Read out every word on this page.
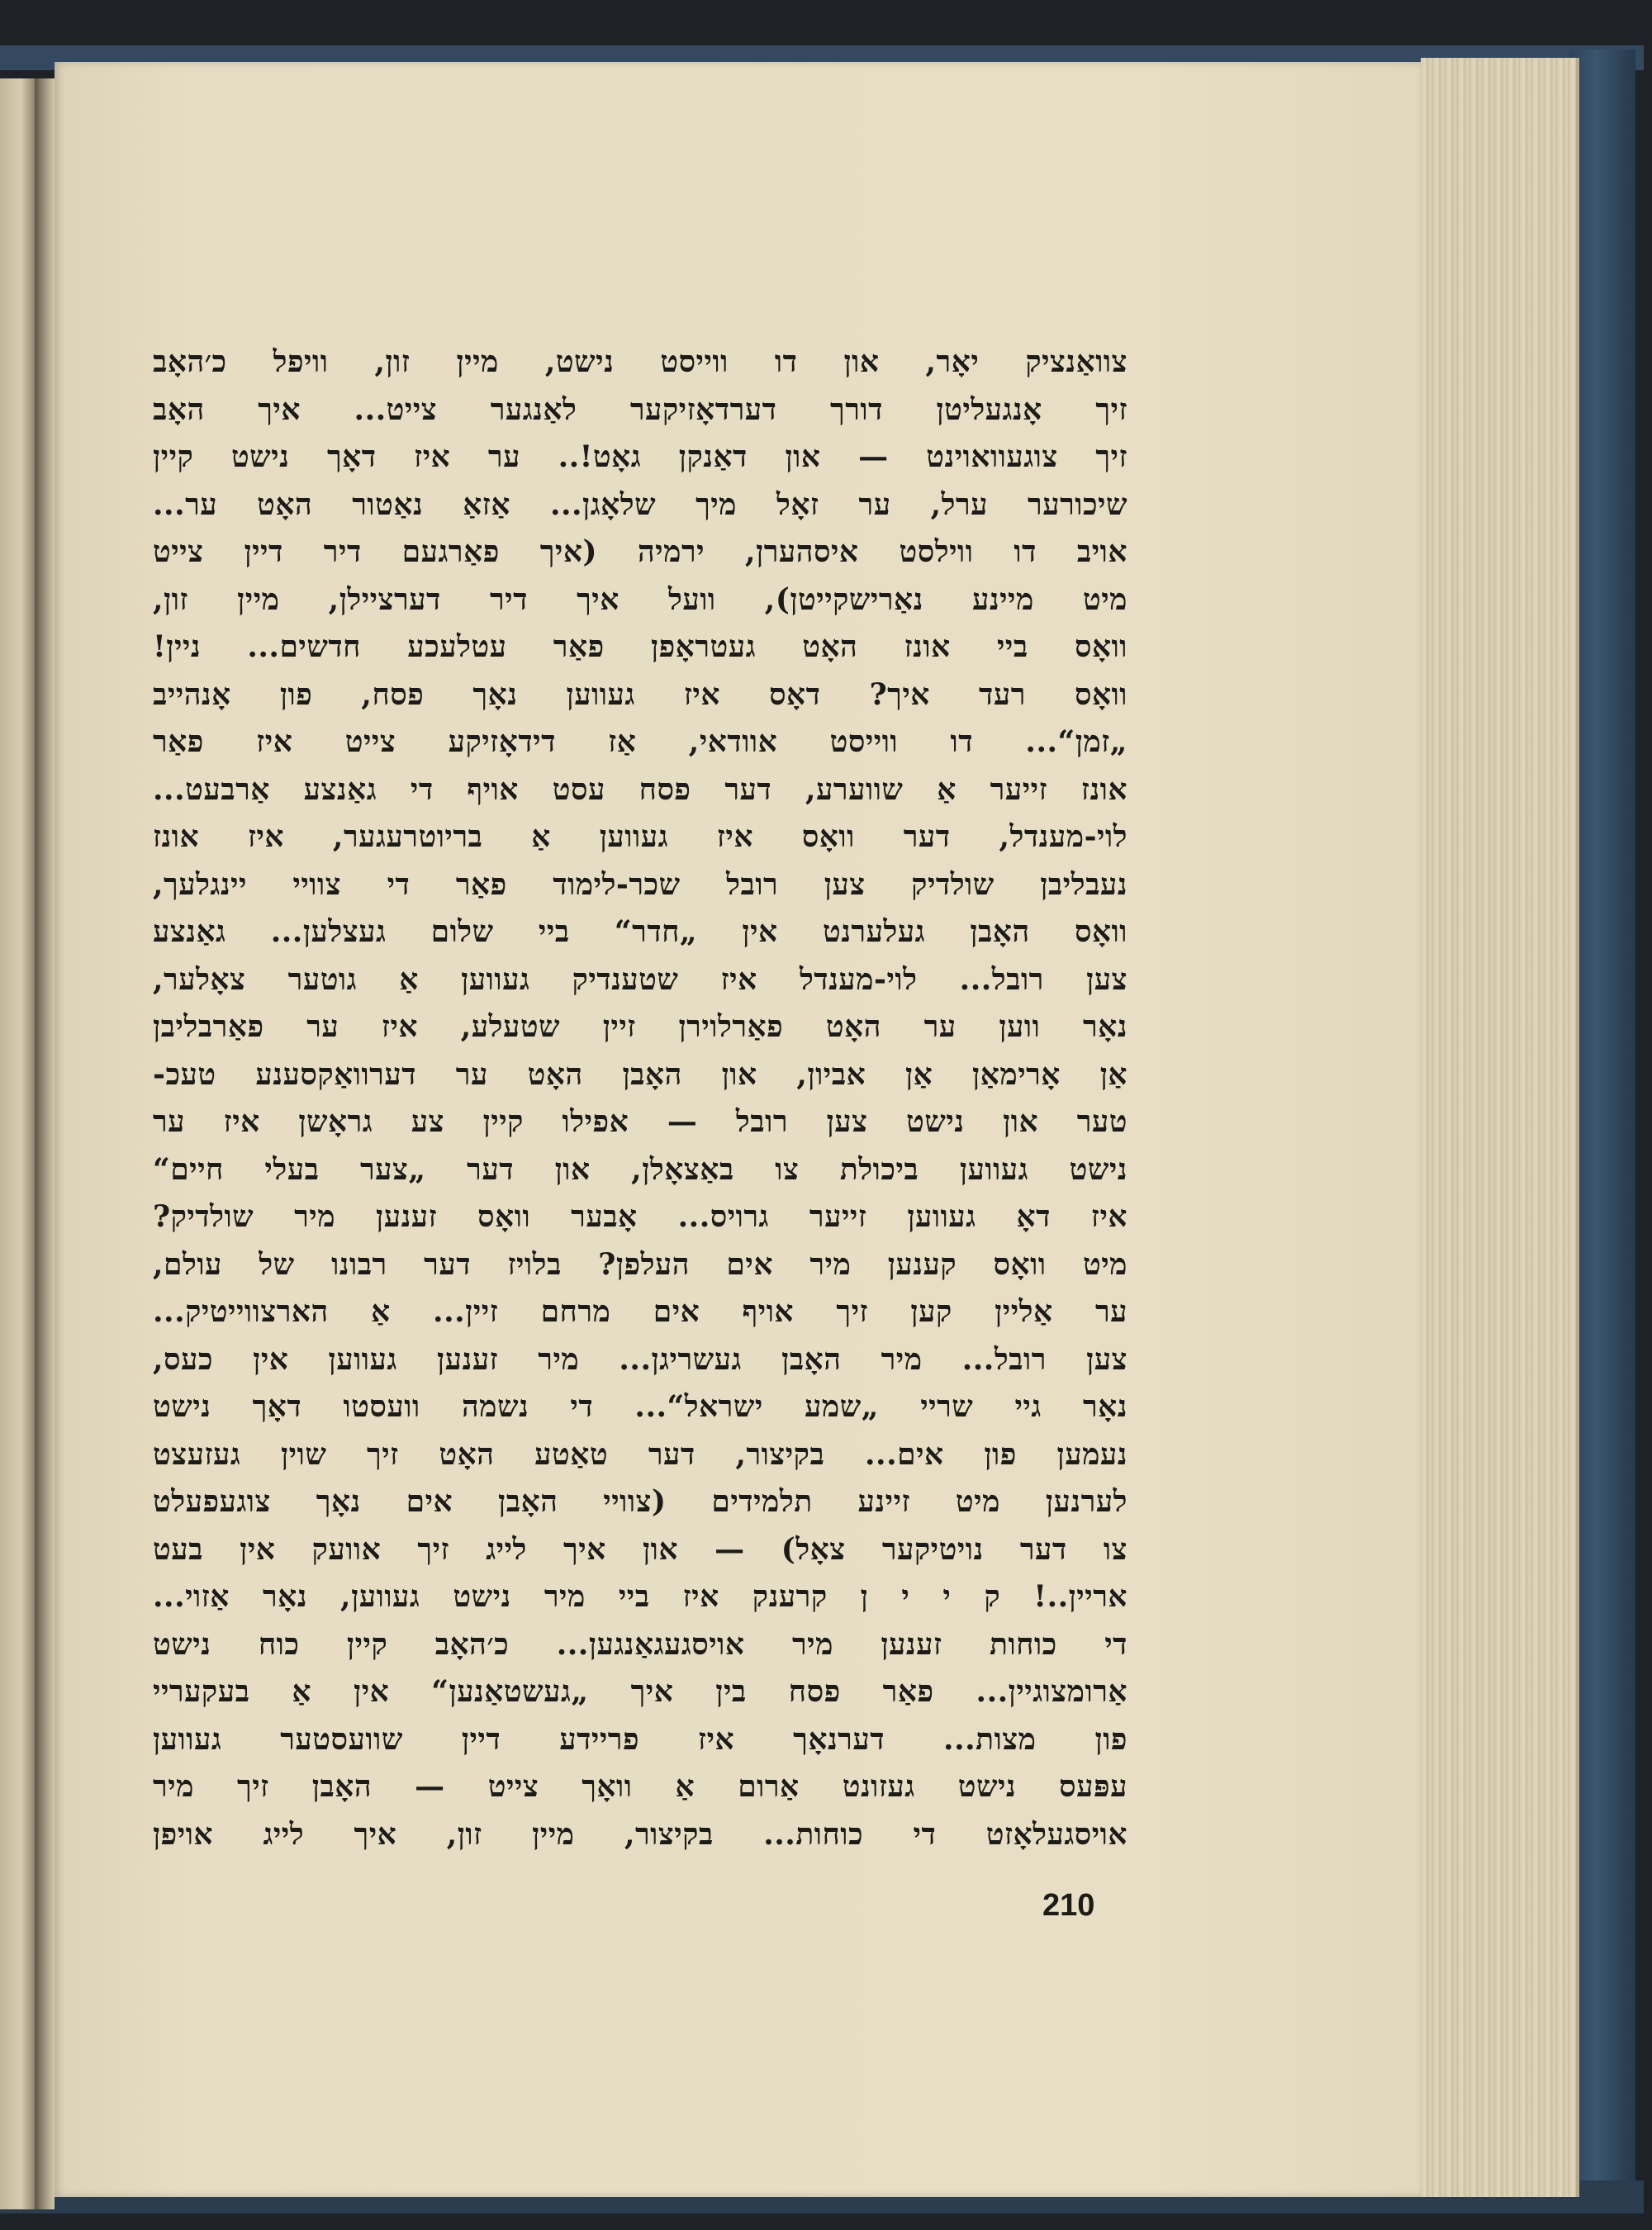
צוואַנציק יאָר, און דו ווייסט נישט, מיין זון, וויפל כ׳האָב
זיך אָנגעליטן דורך דערדאָזיקער לאַנגער צייט... איך האָב
זיך צוגעוואוינט — און דאַנקן גאָט!.. ער איז דאָך נישט קיין
שיכורער ערל, ער זאָל מיך שלאָגן... אַזאַ נאַטור האָט ער...
אויב דו ווילסט איסהערן, ירמיה (איך פאַרגעם דיר דיין צייט
מיט מיינע נאַרישקייטן), וועל איך דיר דערציילן, מיין זון,
וואָס ביי אונז האָט געטראָפן פאַר עטלעכע חדשים... ניין!
וואָס רעד איך? דאָס איז געווען נאָך פסח, פון אָנהייב
„זמן“... דו ווייסט אוודאי, אַז דידאָזיקע צייט איז פאַר
אונז זייער אַ שווערע, דער פסח עסט אויף די גאַנצע אַרבעט...
לוי-מענדל, דער וואָס איז געווען אַ בריוטרעגער, איז אונז
נעבליבן שולדיק צען רובל שכר-לימוד פאַר די צוויי יינגלעך,
וואָס האָבן געלערנט אין „חדר“ ביי שלום געצלען... גאַנצע
צען רובל... לוי-מענדל איז שטענדיק געווען אַ גוטער צאָלער,
נאָר ווען ער האָט פאַרלוירן זיין שטעלע, איז ער פאַרבליבן
אַן אָרימאַן אַן אביון, און האָבן האָט ער דערוואַקסענע טעכ-
טער און נישט צען רובל — אפילו קיין צע גראָשן איז ער
נישט געווען ביכולת צו באַצאָלן, און דער „צער בעלי חיים“
איז דאָ געווען זייער גרויס... אָבער וואָס זענען מיר שולדיק?
מיט וואָס קענען מיר אים העלפן? בלויז דער רבונו של עולם,
ער אַליין קען זיך אויף אים מרחם זיין... אַ הארצווייטיק...
צען רובל... מיר האָבן געשריגן... מיר זענען געווען אין כעס,
נאָר גיי שריי „שמע ישראל“... די נשמה וועסטו דאָך נישט
נעמען פון אים... בקיצור, דער טאַטע האָט זיך שוין געזעצט
לערנען מיט זיינע תלמידים (צוויי האָבן אים נאָך צוגעפעלט
צו דער נויטיקער צאָל) — און איך לייג זיך אוועק אין בעט
אריין..! ק י י ן קרענק איז ביי מיר נישט געווען, נאָר אַזוי...
די כוחות זענען מיר אויסגעגאַנגען... כ׳האָב קיין כוח נישט
אַרומצוגיין... פאַר פסח בין איך „געשטאַנען“ אין אַ בעקעריי
פון מצות... דערנאָך איז פריידע דיין שוועסטער געווען
עפּעס נישט געזונט אַרום אַ וואָך צייט — האָבן זיך מיר
אויסגעלאָזט די כוחות... בקיצור, מיין זון, איך לייג אויפן
210
